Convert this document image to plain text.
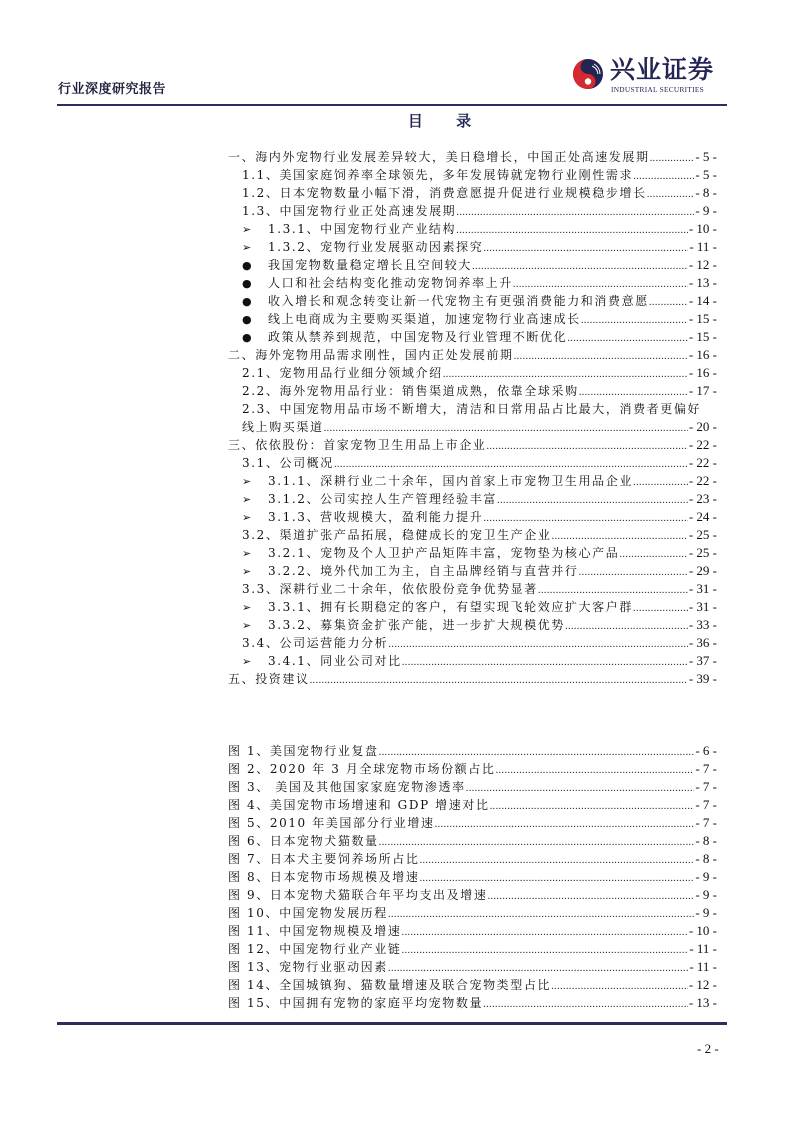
行业深度研究报告
兴业证券
INDUSTRIAL SECURITIES
目 录
一、海内外宠物行业发展差异较大，美日稳增长，中国正处高速发展期 .....	- 5 -
1.1、美国家庭饲养率全球领先，多年发展铸就宠物行业刚性需求 .....	- 5 -
1.2、日本宠物数量小幅下滑，消费意愿提升促进行业规模稳步增长 .....	- 8 -
1.3、中国宠物行业正处高速发展期 .....	- 9 -
➢	1.3.1、中国宠物行业产业结构 .....	- 10 -
➢	1.3.2、宠物行业发展驱动因素探究 .....	- 11 -
●	我国宠物数量稳定增长且空间较大 .....	- 12 -
●	人口和社会结构变化推动宠物饲养率上升 .....	- 13 -
●	收入增长和观念转变让新一代宠物主有更强消费能力和消费意愿 .....	- 14 -
●	线上电商成为主要购买渠道，加速宠物行业高速成长 .....	- 15 -
●	政策从禁养到规范，中国宠物及行业管理不断优化 .....	- 15 -
二、海外宠物用品需求刚性，国内正处发展前期 .....	- 16 -
2.1、宠物用品行业细分领域介绍 .....	- 16 -
2.2、海外宠物用品行业：销售渠道成熟，依靠全球采购 .....	- 17 -
2.3、中国宠物用品市场不断增大，清洁和日常用品占比最大，消费者更偏好
线上购买渠道 .....	- 20 -
三、依依股份：首家宠物卫生用品上市企业 .....	- 22 -
3.1、公司概况 .....	- 22 -
➢	3.1.1、深耕行业二十余年，国内首家上市宠物卫生用品企业 .....	- 22 -
➢	3.1.2、公司实控人生产管理经验丰富 .....	- 23 -
➢	3.1.3、营收规模大，盈利能力提升 .....	- 24 -
3.2、渠道扩张产品拓展，稳健成长的宠卫生产企业 .....	- 25 -
➢	3.2.1、宠物及个人卫护产品矩阵丰富，宠物垫为核心产品 .....	- 25 -
➢	3.2.2、境外代加工为主，自主品牌经销与直营并行 .....	- 29 -
3.3、深耕行业二十余年，依依股份竞争优势显著 .....	- 31 -
➢	3.3.1、拥有长期稳定的客户，有望实现飞轮效应扩大客户群 .....	- 31 -
➢	3.3.2、募集资金扩张产能，进一步扩大规模优势 .....	- 33 -
3.4、公司运营能力分析 .....	- 36 -
➢	3.4.1、同业公司对比 .....	- 37 -
五、投资建议 .....	- 39 -
图 1、美国宠物行业复盘 .....	- 6 -
图 2、2020 年 3 月全球宠物市场份额占比 .....	- 7 -
图 3、 美国及其他国家家庭宠物渗透率 .....	- 7 -
图 4、美国宠物市场增速和 GDP 增速对比 .....	- 7 -
图 5、2010 年美国部分行业增速 .....	- 7 -
图 6、日本宠物犬猫数量 .....	- 8 -
图 7、日本犬主要饲养场所占比 .....	- 8 -
图 8、日本宠物市场规模及增速 .....	- 9 -
图 9、日本宠物犬猫联合年平均支出及增速 .....	- 9 -
图 10、中国宠物发展历程 .....	- 9 -
图 11、中国宠物规模及增速 .....	- 10 -
图 12、中国宠物行业产业链 .....	- 11 -
图 13、宠物行业驱动因素 .....	- 11 -
图 14、全国城镇狗、猫数量增速及联合宠物类型占比 .....	- 12 -
图 15、中国拥有宠物的家庭平均宠物数量 .....	- 13 -
- 2 -
